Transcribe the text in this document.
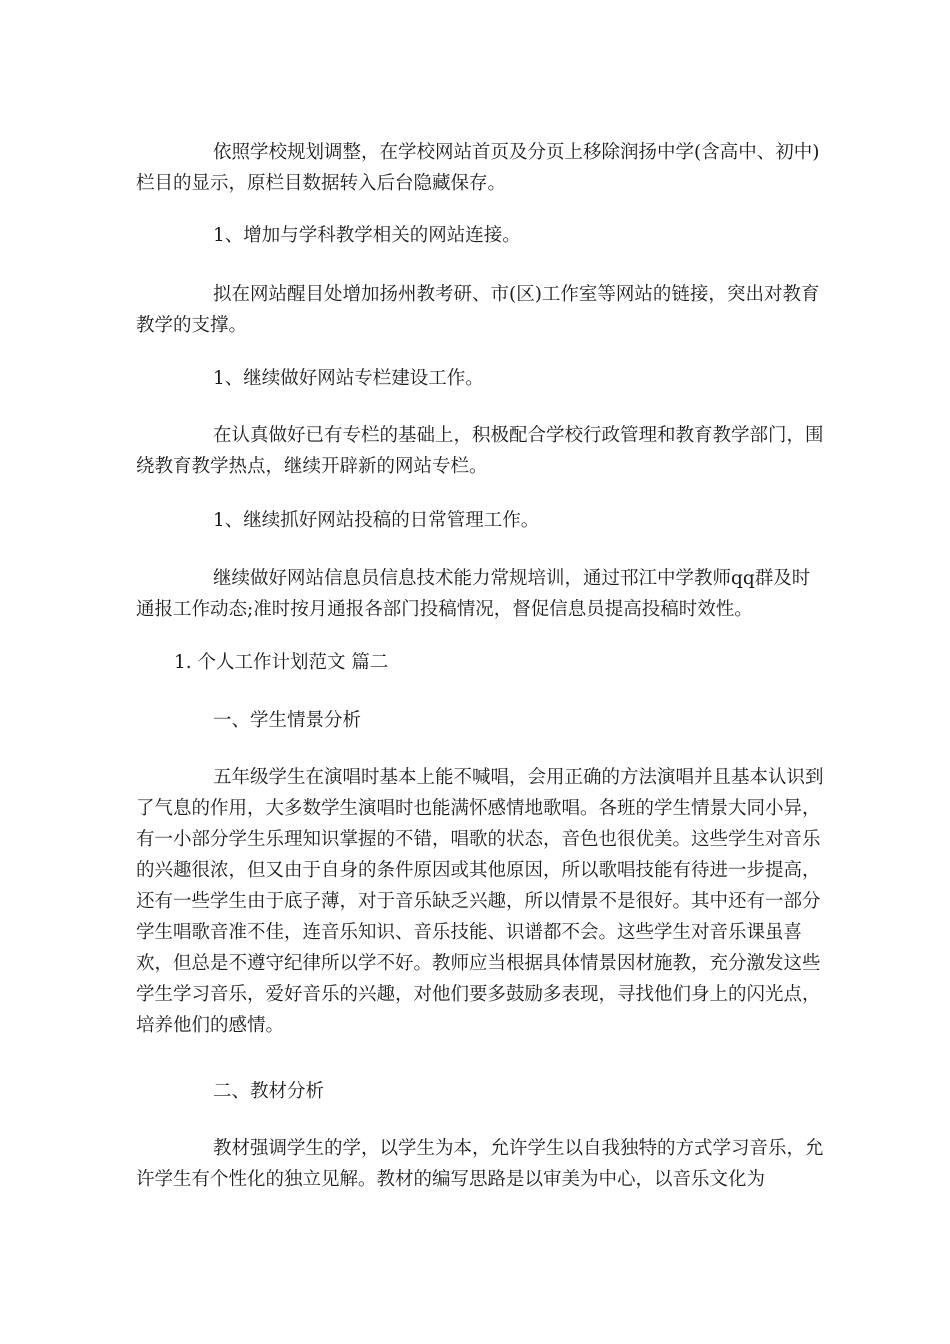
依照学校规划调整，在学校网站首页及分页上移除润扬中学(含高中、初中)栏目的显示，原栏目数据转入后台隐藏保存。

1、增加与学科教学相关的网站连接。

拟在网站醒目处增加扬州教考研、市(区)工作室等网站的链接，突出对教育教学的支撑。

1、继续做好网站专栏建设工作。

在认真做好已有专栏的基础上，积极配合学校行政管理和教育教学部门，围绕教育教学热点，继续开辟新的网站专栏。

1、继续抓好网站投稿的日常管理工作。

继续做好网站信息员信息技术能力常规培训，通过邗江中学教师qq群及时通报工作动态;准时按月通报各部门投稿情况，督促信息员提高投稿时效性。

1. 个人工作计划范文 篇二

一、学生情景分析

五年级学生在演唱时基本上能不喊唱，会用正确的方法演唱并且基本认识到了气息的作用，大多数学生演唱时也能满怀感情地歌唱。各班的学生情景大同小异，有一小部分学生乐理知识掌握的不错，唱歌的状态，音色也很优美。这些学生对音乐的兴趣很浓，但又由于自身的条件原因或其他原因，所以歌唱技能有待进一步提高，还有一些学生由于底子薄，对于音乐缺乏兴趣，所以情景不是很好。其中还有一部分学生唱歌音准不佳，连音乐知识、音乐技能、识谱都不会。这些学生对音乐课虽喜欢，但总是不遵守纪律所以学不好。教师应当根据具体情景因材施教，充分激发这些学生学习音乐，爱好音乐的兴趣，对他们要多鼓励多表现，寻找他们身上的闪光点，培养他们的感情。

二、教材分析

教材强调学生的学，以学生为本，允许学生以自我独特的方式学习音乐，允许学生有个性化的独立见解。教材的编写思路是以审美为中心，以音乐文化为
